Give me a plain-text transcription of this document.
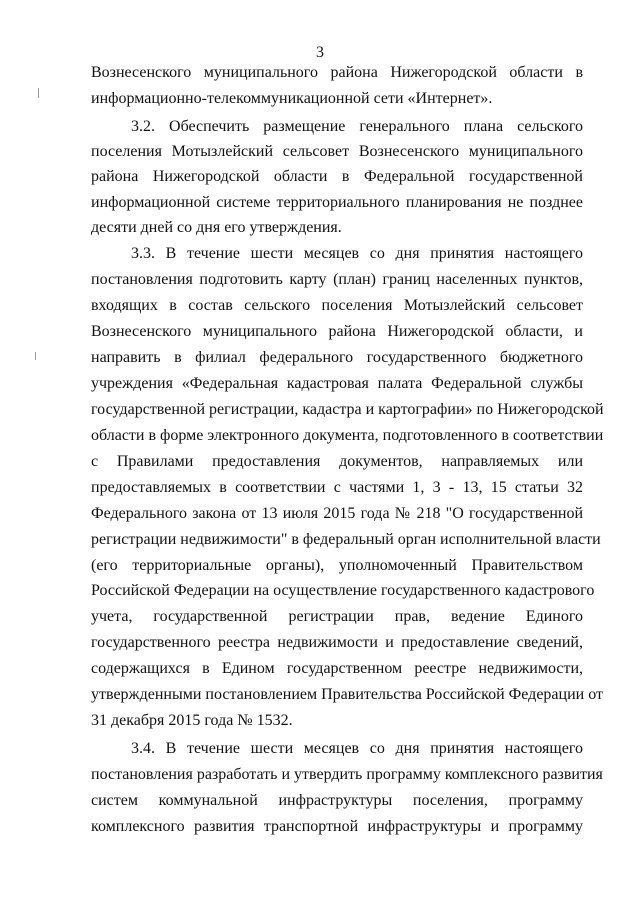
3
Вознесенского муниципального района Нижегородской области в
информационно-телекоммуникационной сети «Интернет».
3.2. Обеспечить размещение генерального плана сельского
поселения Мотызлейский сельсовет Вознесенского муниципального
района Нижегородской области в Федеральной государственной
информационной системе территориального планирования не позднее
десяти дней со дня его утверждения.
3.3. В течение шести месяцев со дня принятия настоящего
постановления подготовить карту (план) границ населенных пунктов,
входящих в состав сельского поселения Мотызлейский сельсовет
Вознесенского муниципального района Нижегородской области, и
направить в филиал федерального государственного бюджетного
учреждения «Федеральная кадастровая палата Федеральной службы
государственной регистрации, кадастра и картографии» по Нижегородской
области в форме электронного документа, подготовленного в соответствии
с Правилами предоставления документов, направляемых или
предоставляемых в соответствии с частями 1, 3 - 13, 15 статьи 32
Федерального закона от 13 июля 2015 года № 218 "О государственной
регистрации недвижимости" в федеральный орган исполнительной власти
(его территориальные органы), уполномоченный Правительством
Российской Федерации на осуществление государственного кадастрового
учета, государственной регистрации прав, ведение Единого
государственного реестра недвижимости и предоставление сведений,
содержащихся в Едином государственном реестре недвижимости,
утвержденными постановлением Правительства Российской Федерации от
31 декабря 2015 года № 1532.
3.4. В течение шести месяцев со дня принятия настоящего
постановления разработать и утвердить программу комплексного развития
систем коммунальной инфраструктуры поселения, программу
комплексного развития транспортной инфраструктуры и программу
